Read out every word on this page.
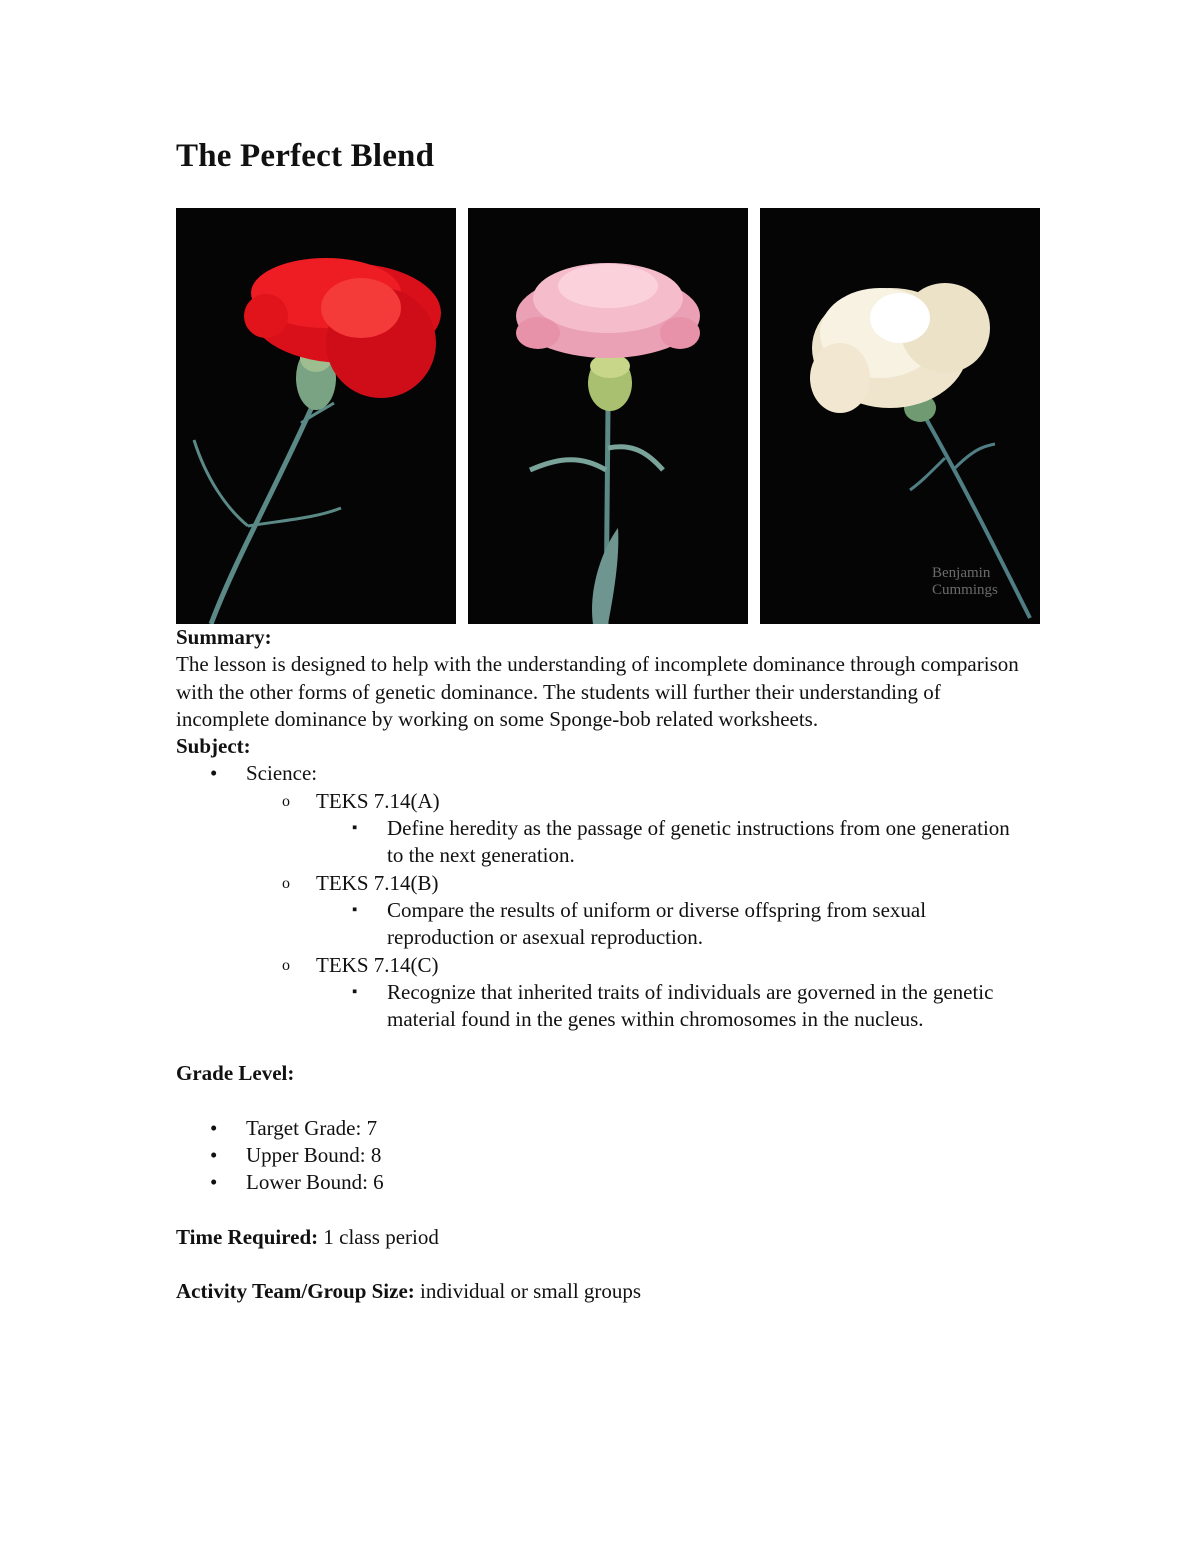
The Perfect Blend
Benjamin Cummings
Summary:

The lesson is designed to help with the understanding of incomplete dominance through comparison with the other forms of genetic dominance. The students will further their understanding of incomplete dominance by working on some Sponge-bob related worksheets.

Subject:
• Science:
o TEKS 7.14(A)
▪ Define heredity as the passage of genetic instructions from one generation to the next generation.
o TEKS 7.14(B)
▪ Compare the results of uniform or diverse offspring from sexual reproduction or asexual reproduction.
o TEKS 7.14(C)
▪ Recognize that inherited traits of individuals are governed in the genetic material found in the genes within chromosomes in the nucleus.
Grade Level:
• Target Grade: 7
• Upper Bound: 8
• Lower Bound: 6

Time Required: 1 class period

Activity Team/Group Size: individual or small groups
